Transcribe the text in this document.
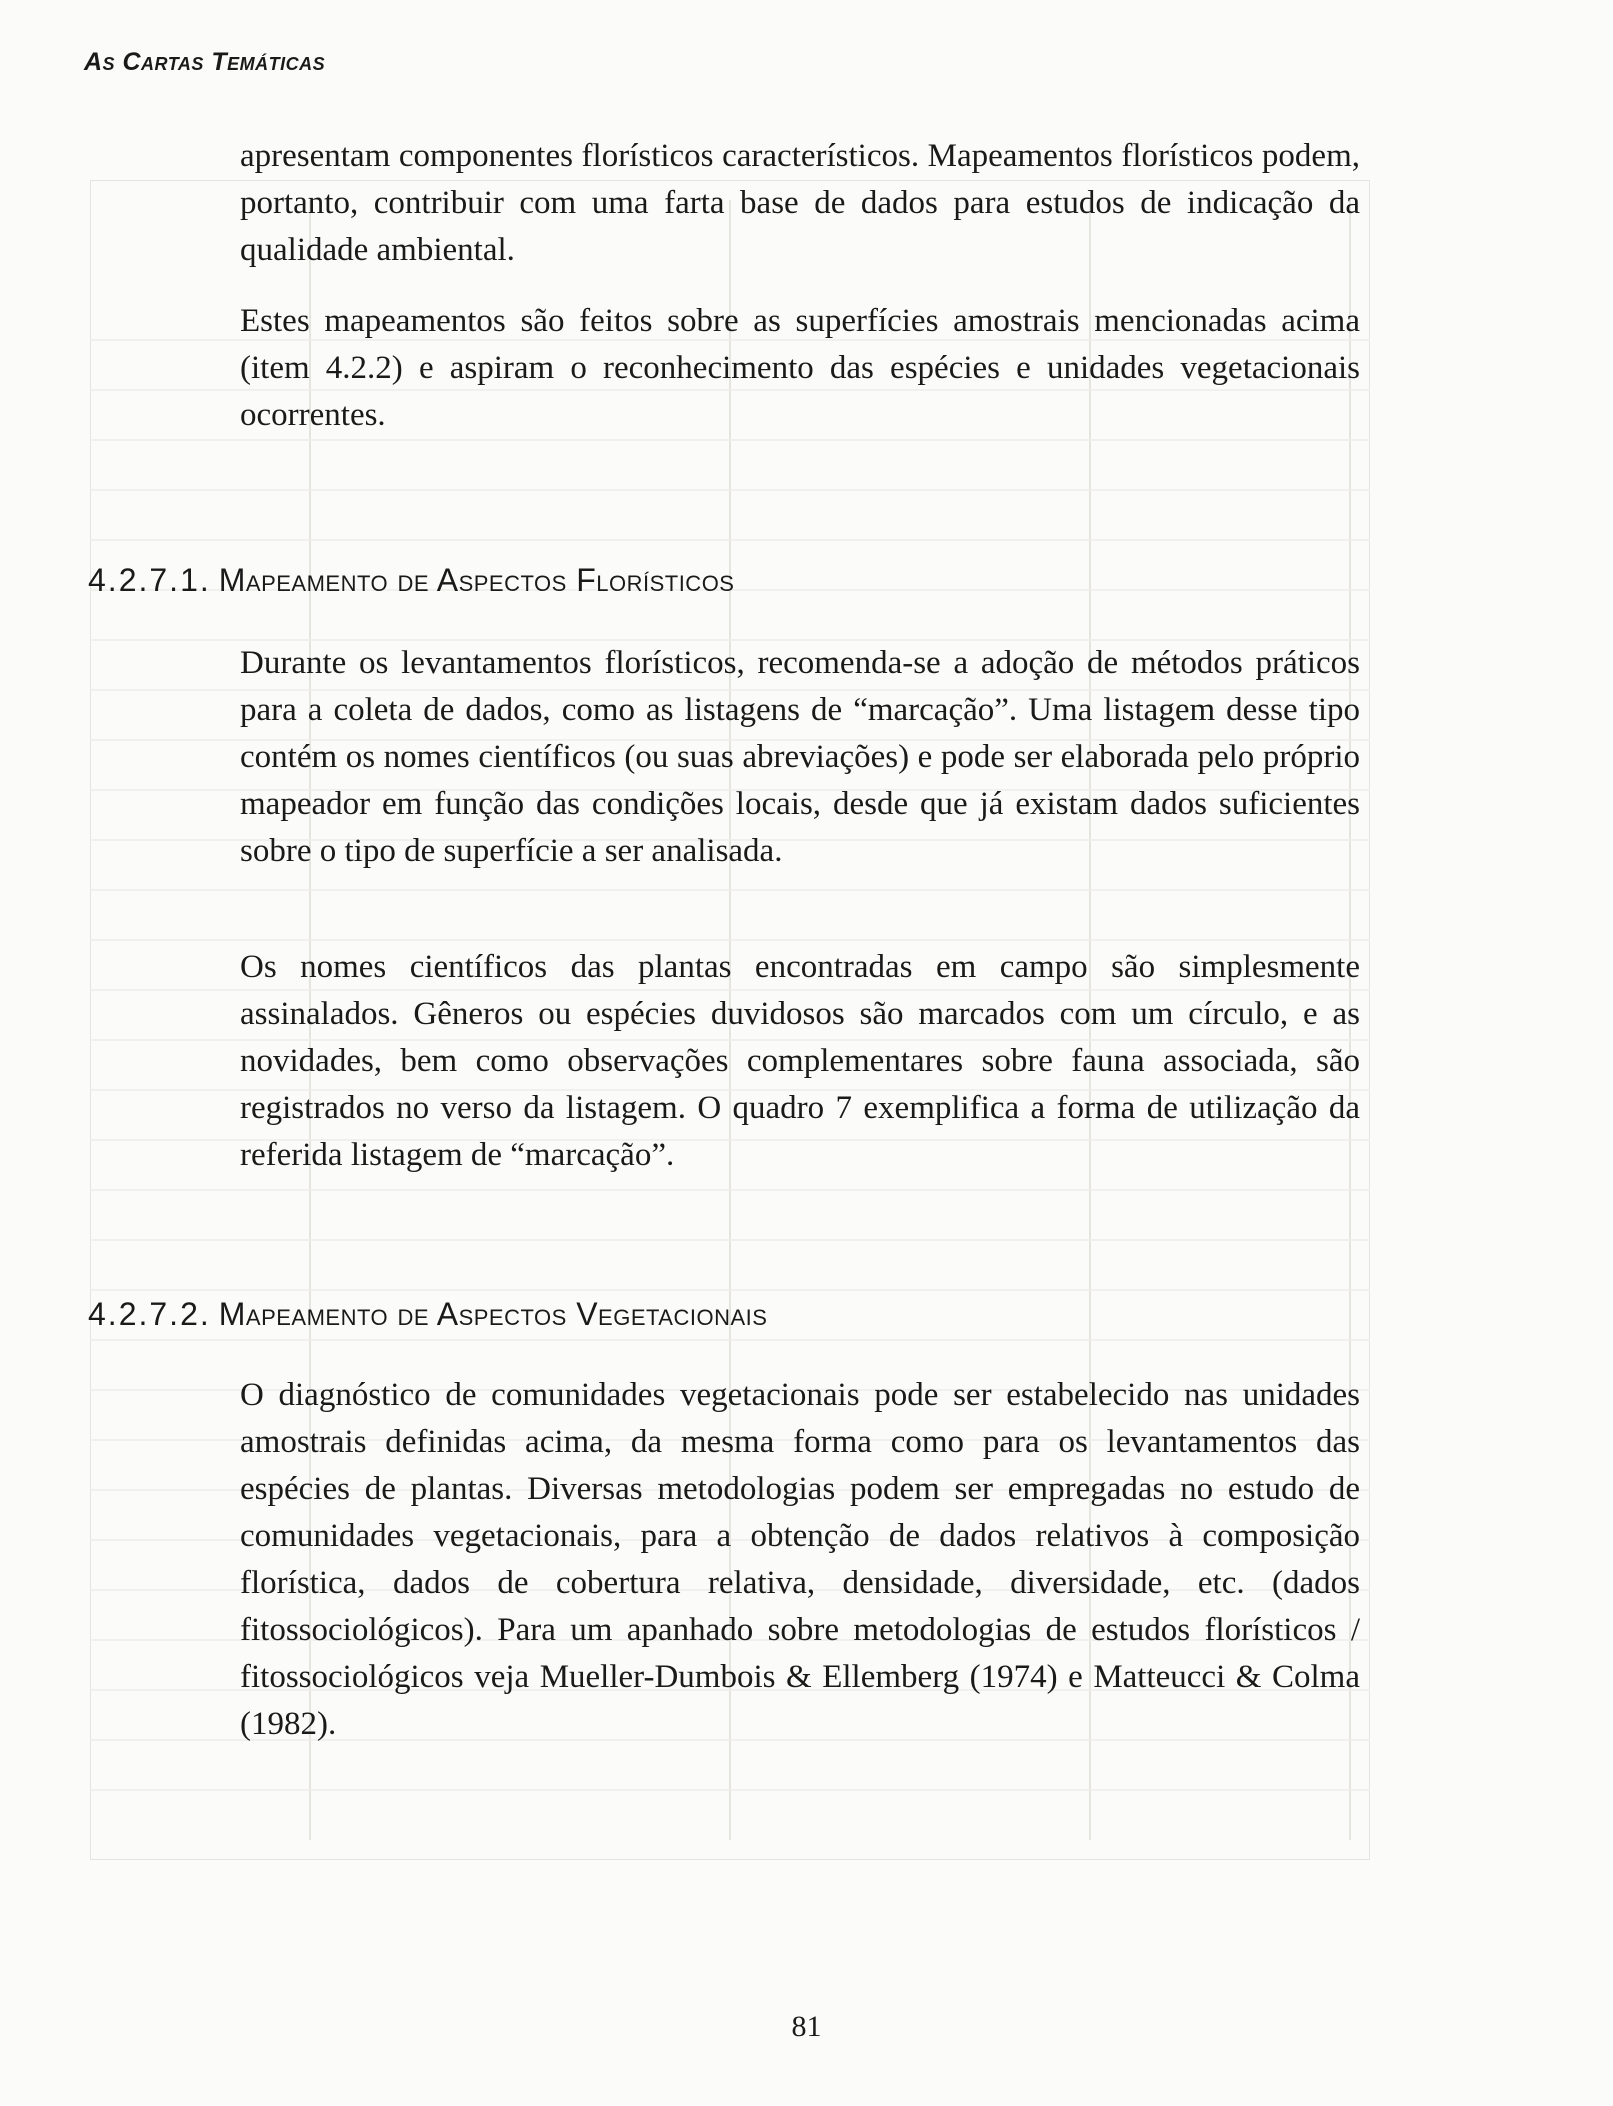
As Cartas Temáticas

apresentam componentes florísticos característicos. Mapeamentos florísticos podem, portanto, contribuir com uma farta base de dados para estudos de indicação da qualidade ambiental.

Estes mapeamentos são feitos sobre as superfícies amostrais mencionadas acima (item 4.2.2) e aspiram o reconhecimento das espécies e unidades vegetacionais ocorrentes.

4.2.7.1. Mapeamento de Aspectos Florísticos

Durante os levantamentos florísticos, recomenda-se a adoção de métodos práticos para a coleta de dados, como as listagens de “marcação”. Uma listagem desse tipo contém os nomes científicos (ou suas abreviações) e pode ser elaborada pelo próprio mapeador em função das condições locais, desde que já existam dados suficientes sobre o tipo de superfície a ser analisada.

Os nomes científicos das plantas encontradas em campo são simplesmente assinalados. Gêneros ou espécies duvidosos são marcados com um círculo, e as novidades, bem como observações complementares sobre fauna associada, são registrados no verso da listagem. O quadro 7 exemplifica a forma de utilização da referida listagem de “marcação”.

4.2.7.2. Mapeamento de Aspectos Vegetacionais

O diagnóstico de comunidades vegetacionais pode ser estabelecido nas unidades amostrais definidas acima, da mesma forma como para os levantamentos das espécies de plantas. Diversas metodologias podem ser empregadas no estudo de comunidades vegetacionais, para a obtenção de dados relativos à composição florística, dados de cobertura relativa, densidade, diversidade, etc. (dados fitossociológicos). Para um apanhado sobre metodologias de estudos florísticos / fitossociológicos veja Mueller-Dumbois & Ellemberg (1974) e Matteucci & Colma (1982).

81
